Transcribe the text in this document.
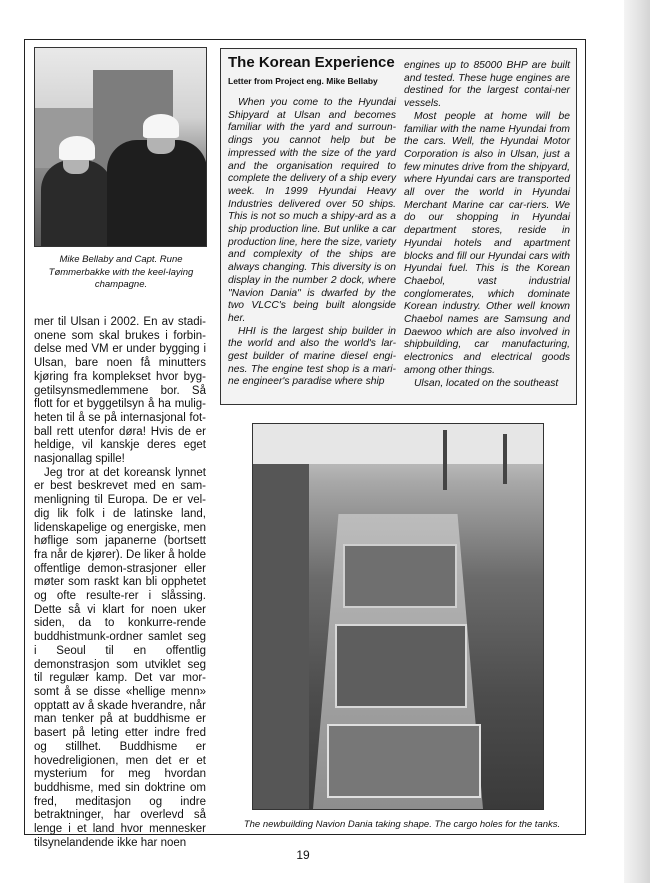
Mike Bellaby and Capt. Rune Tømmerbakke with the keel-laying champagne.

mer til Ulsan i 2002. En av stadi-onene som skal brukes i forbin-delse med VM er under bygging i Ulsan, bare noen få minutters kjøring fra komplekset hvor byg-getilsynsmedlemmene bor. Så flott for et byggetilsyn å ha mulig-heten til å se på internasjonal fot-ball rett utenfor døra! Hvis de er heldige, vil kanskje deres eget nasjonallag spille!

Jeg tror at det koreansk lynnet er best beskrevet med en sam-menligning til Europa. De er vel-dig lik folk i de latinske land, lidenskapelige og energiske, men høflige som japanerne (bortsett fra når de kjører). De liker å holde offentlige demon-strasjoner eller møter som raskt kan bli opphetet og ofte resulte-rer i slåssing. Dette så vi klart for noen uker siden, da to konkurre-rende buddhistmunk-ordner samlet seg i Seoul til en offentlig demonstrasjon som utviklet seg til regulær kamp. Det var mor-somt å se disse «hellige menn» opptatt av å skade hverandre, når man tenker på at buddhisme er basert på leting etter indre fred og stillhet. Buddhisme er hovedreligionen, men det er et mysterium for meg hvordan buddhisme, med sin doktrine om fred, meditasjon og indre betraktninger, har overlevd så lenge i et land hvor mennesker tilsynelandende ikke har noen

The Korean Experience

Letter from Project eng. Mike Bellaby

When you come to the Hyundai Shipyard at Ulsan and becomes familiar with the yard and surroun-dings you cannot help but be impressed with the size of the yard and the organisation required to complete the delivery of a ship every week. In 1999 Hyundai Heavy Industries delivered over 50 ships. This is not so much a shipy-ard as a ship production line. But unlike a car production line, here the size, variety and complexity of the ships are always changing. This diversity is on display in the number 2 dock, where "Navion Dania" is dwarfed by the two VLCC's being built alongside her.

HHI is the largest ship builder in the world and also the world's lar-gest builder of marine diesel engi-nes. The engine test shop is a mari-ne engineer's paradise where ship

engines up to 85000 BHP are built and tested. These huge engines are destined for the largest contai-ner vessels.

Most people at home will be familiar with the name Hyundai from the cars. Well, the Hyundai Motor Corporation is also in Ulsan, just a few minutes drive from the shipyard, where Hyundai cars are transported all over the world in Hyundai Merchant Marine car car-riers. We do our shopping in Hyundai department stores, reside in Hyundai hotels and apartment blocks and fill our Hyundai cars with Hyundai fuel. This is the Korean Chaebol, vast industrial conglomerates, which dominate Korean industry. Other well known Chaebol names are Samsung and Daewoo which are also involved in shipbuilding, car manufacturing, electronics and electrical goods among other things.

Ulsan, located on the southeast

The newbuilding Navion Dania taking shape. The cargo holes for the tanks.

19
